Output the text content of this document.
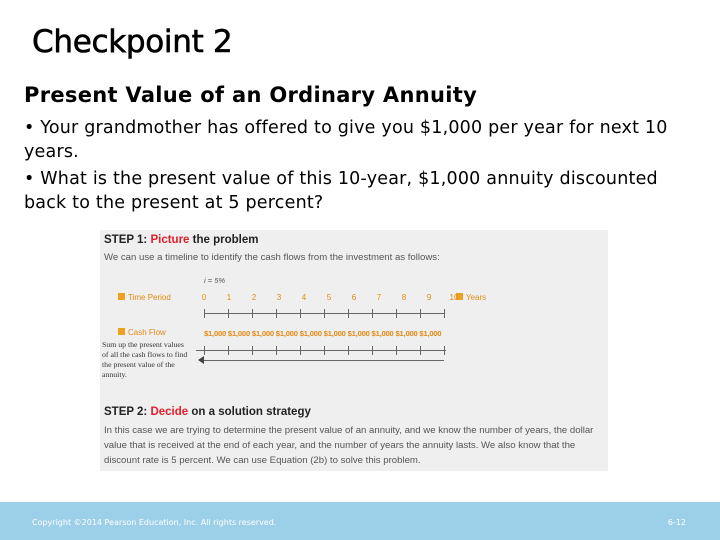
Checkpoint 2
Present Value of an Ordinary Annuity
• Your grandmother has offered to give you $1,000 per year for next 10 years.
• What is the present value of this 10-year, $1,000 annuity discounted back to the present at 5 percent?
STEP 1: Picture the problem
We can use a timeline to identify the cash flows from the investment as follows:
i = 5%
Time Period	Years
0	1	2	3	4	5	6	7	8	9	10
Cash Flow	$1,000 $1,000 $1,000 $1,000 $1,000 $1,000 $1,000 $1,000 $1,000 $1,000
Sum up the present values of all the cash flows to find the present value of the annuity.
STEP 2: Decide on a solution strategy
In this case we are trying to determine the present value of an annuity, and we know the number of years, the dollar value that is received at the end of each year, and the number of years the annuity lasts. We also know that the discount rate is 5 percent. We can use Equation (2b) to solve this problem.
Copyright ©2014 Pearson Education, Inc. All rights reserved.	6-12
